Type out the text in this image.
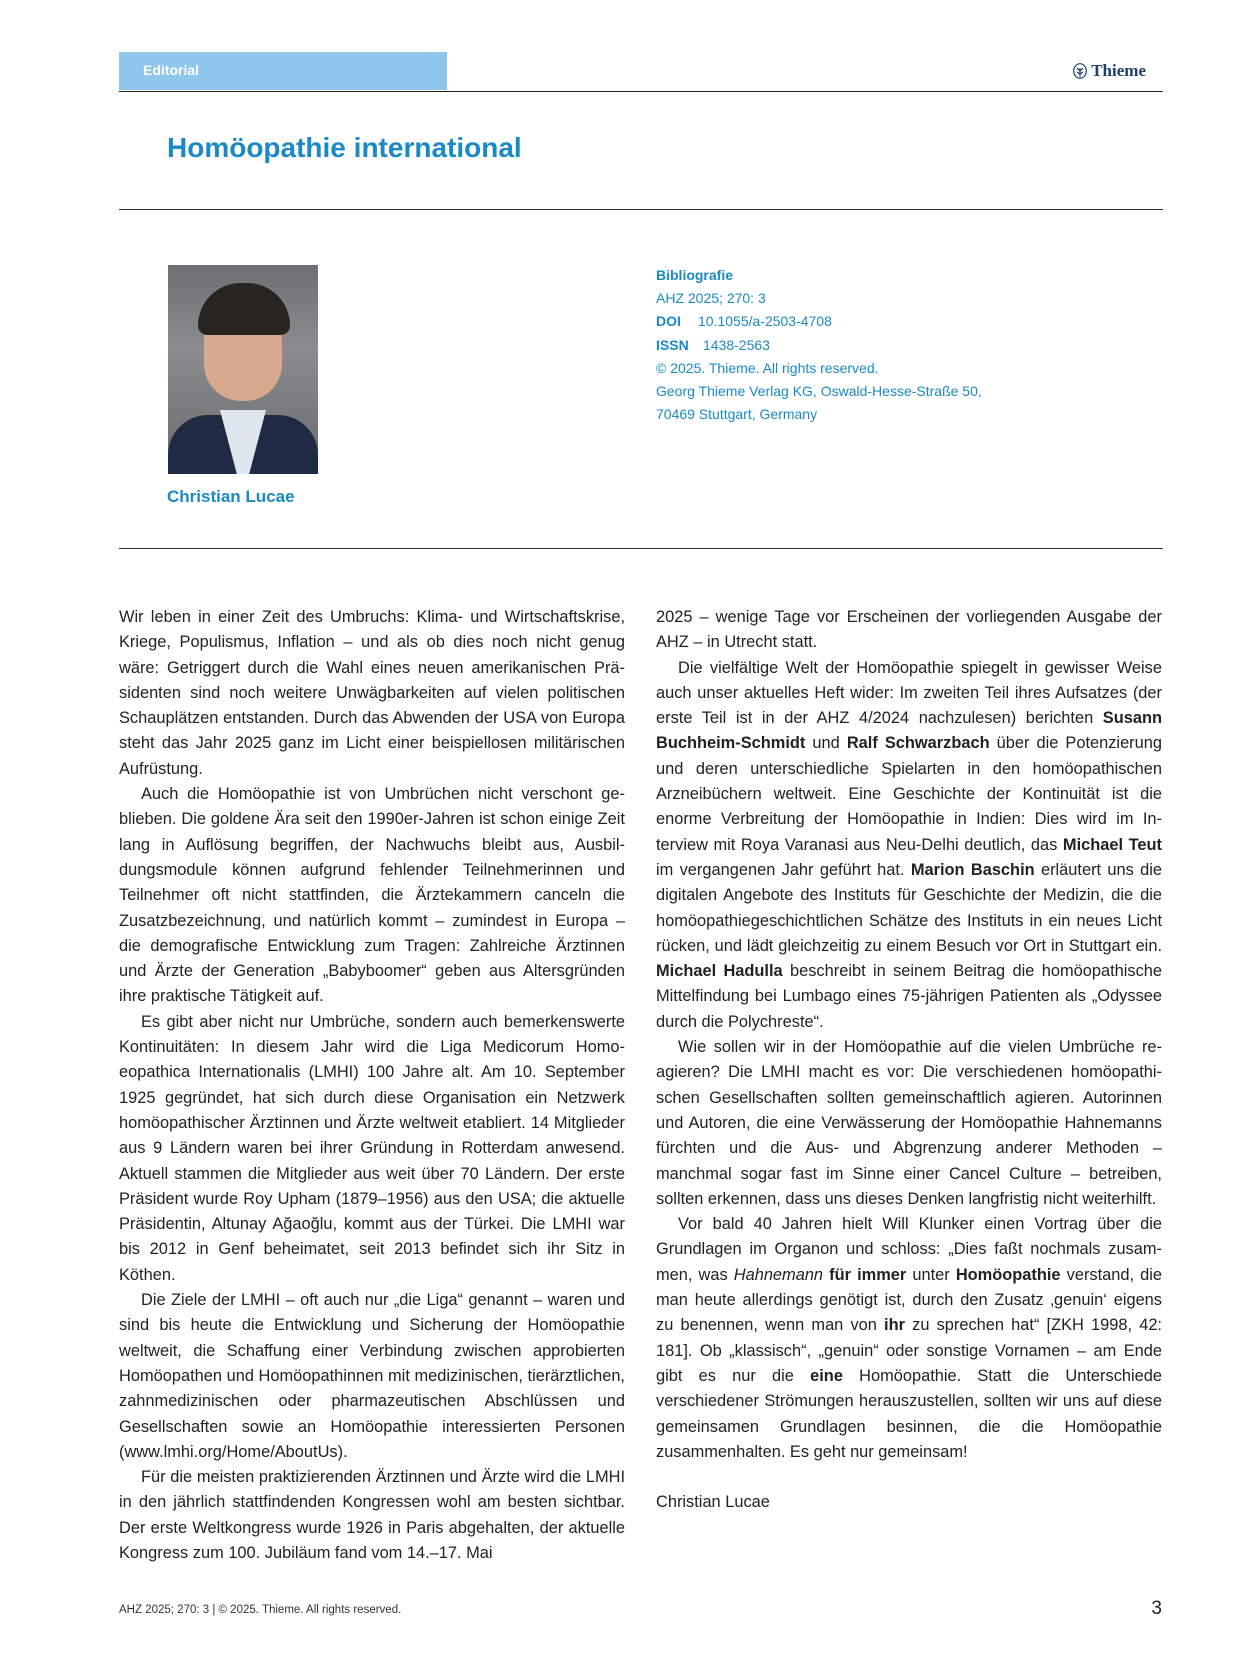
Editorial	Thieme
Homöopathie international
Christian Lucae
Bibliografie
AHZ 2025; 270: 3
DOI 10.1055/a-2503-4708
ISSN 1438-2563
© 2025. Thieme. All rights reserved.
Georg Thieme Verlag KG, Oswald-Hesse-Straße 50,
70469 Stuttgart, Germany

Wir leben in einer Zeit des Umbruchs: Klima- und Wirtschaftskrise, Kriege, Populismus, Inflation – und als ob dies noch nicht genug wäre: Getriggert durch die Wahl eines neuen amerikanischen Präsidenten sind noch weitere Unwägbarkeiten auf vielen politischen Schauplätzen entstanden. Durch das Abwenden der USA von Europa steht das Jahr 2025 ganz im Licht einer beispiellosen militärischen Aufrüstung.

Auch die Homöopathie ist von Umbrüchen nicht verschont geblieben. Die goldene Ära seit den 1990er-Jahren ist schon einige Zeit lang in Auflösung begriffen, der Nachwuchs bleibt aus, Ausbildungsmodule können aufgrund fehlender Teilnehmerinnen und Teilnehmer oft nicht stattfinden, die Ärztekammern canceln die Zusatzbezeichnung, und natürlich kommt – zumindest in Europa – die demografische Entwicklung zum Tragen: Zahlreiche Ärztinnen und Ärzte der Generation „Babyboomer“ geben aus Altersgründen ihre praktische Tätigkeit auf.

Es gibt aber nicht nur Umbrüche, sondern auch bemerkenswerte Kontinuitäten: In diesem Jahr wird die Liga Medicorum Homoeopathica Internationalis (LMHI) 100 Jahre alt. Am 10. September 1925 gegründet, hat sich durch diese Organisation ein Netzwerk homöopathischer Ärztinnen und Ärzte weltweit etabliert. 14 Mitglieder aus 9 Ländern waren bei ihrer Gründung in Rotterdam anwesend. Aktuell stammen die Mitglieder aus weit über 70 Ländern. Der erste Präsident wurde Roy Upham (1879–1956) aus den USA; die aktuelle Präsidentin, Altunay Ağaoğlu, kommt aus der Türkei. Die LMHI war bis 2012 in Genf beheimatet, seit 2013 befindet sich ihr Sitz in Köthen.

Die Ziele der LMHI – oft auch nur „die Liga“ genannt – waren und sind bis heute die Entwicklung und Sicherung der Homöopathie weltweit, die Schaffung einer Verbindung zwischen approbierten Homöopathen und Homöopathinnen mit medizinischen, tierärztlichen, zahnmedizinischen oder pharmazeutischen Abschlüssen und Gesellschaften sowie an Homöopathie interessierten Personen (www.lmhi.org/Home/AboutUs).

Für die meisten praktizierenden Ärztinnen und Ärzte wird die LMHI in den jährlich stattfindenden Kongressen wohl am besten sichtbar. Der erste Weltkongress wurde 1926 in Paris abgehalten, der aktuelle Kongress zum 100. Jubiläum fand vom 14.–17. Mai

2025 – wenige Tage vor Erscheinen der vorliegenden Ausgabe der AHZ – in Utrecht statt.

Die vielfältige Welt der Homöopathie spiegelt in gewisser Weise auch unser aktuelles Heft wider: Im zweiten Teil ihres Aufsatzes (der erste Teil ist in der AHZ 4/2024 nachzulesen) berichten Susann Buchheim-Schmidt und Ralf Schwarzbach über die Potenzierung und deren unterschiedliche Spielarten in den homöopathischen Arzneibüchern weltweit. Eine Geschichte der Kontinuität ist die enorme Verbreitung der Homöopathie in Indien: Dies wird im Interview mit Roya Varanasi aus Neu-Delhi deutlich, das Michael Teut im vergangenen Jahr geführt hat. Marion Baschin erläutert uns die digitalen Angebote des Instituts für Geschichte der Medizin, die die homöopathiegeschichtlichen Schätze des Instituts in ein neues Licht rücken, und lädt gleichzeitig zu einem Besuch vor Ort in Stuttgart ein. Michael Hadulla beschreibt in seinem Beitrag die homöopathische Mittelfindung bei Lumbago eines 75-jährigen Patienten als „Odyssee durch die Polychreste“.

Wie sollen wir in der Homöopathie auf die vielen Umbrüche reagieren? Die LMHI macht es vor: Die verschiedenen homöopathischen Gesellschaften sollten gemeinschaftlich agieren. Autorinnen und Autoren, die eine Verwässerung der Homöopathie Hahnemanns fürchten und die Aus- und Abgrenzung anderer Methoden – manchmal sogar fast im Sinne einer Cancel Culture – betreiben, sollten erkennen, dass uns dieses Denken langfristig nicht weiterhilft.

Vor bald 40 Jahren hielt Will Klunker einen Vortrag über die Grundlagen im Organon und schloss: „Dies faßt nochmals zusammen, was Hahnemann für immer unter Homöopathie verstand, die man heute allerdings genötigt ist, durch den Zusatz ‚genuin‘ eigens zu benennen, wenn man von ihr zu sprechen hat“ [ZKH 1998, 42: 181]. Ob „klassisch“, „genuin“ oder sonstige Vornamen – am Ende gibt es nur die eine Homöopathie. Statt die Unterschiede verschiedener Strömungen herauszustellen, sollten wir uns auf diese gemeinsamen Grundlagen besinnen, die die Homöopathie zusammenhalten. Es geht nur gemeinsam!

Christian Lucae

AHZ 2025; 270: 3 | © 2025. Thieme. All rights reserved.	3
